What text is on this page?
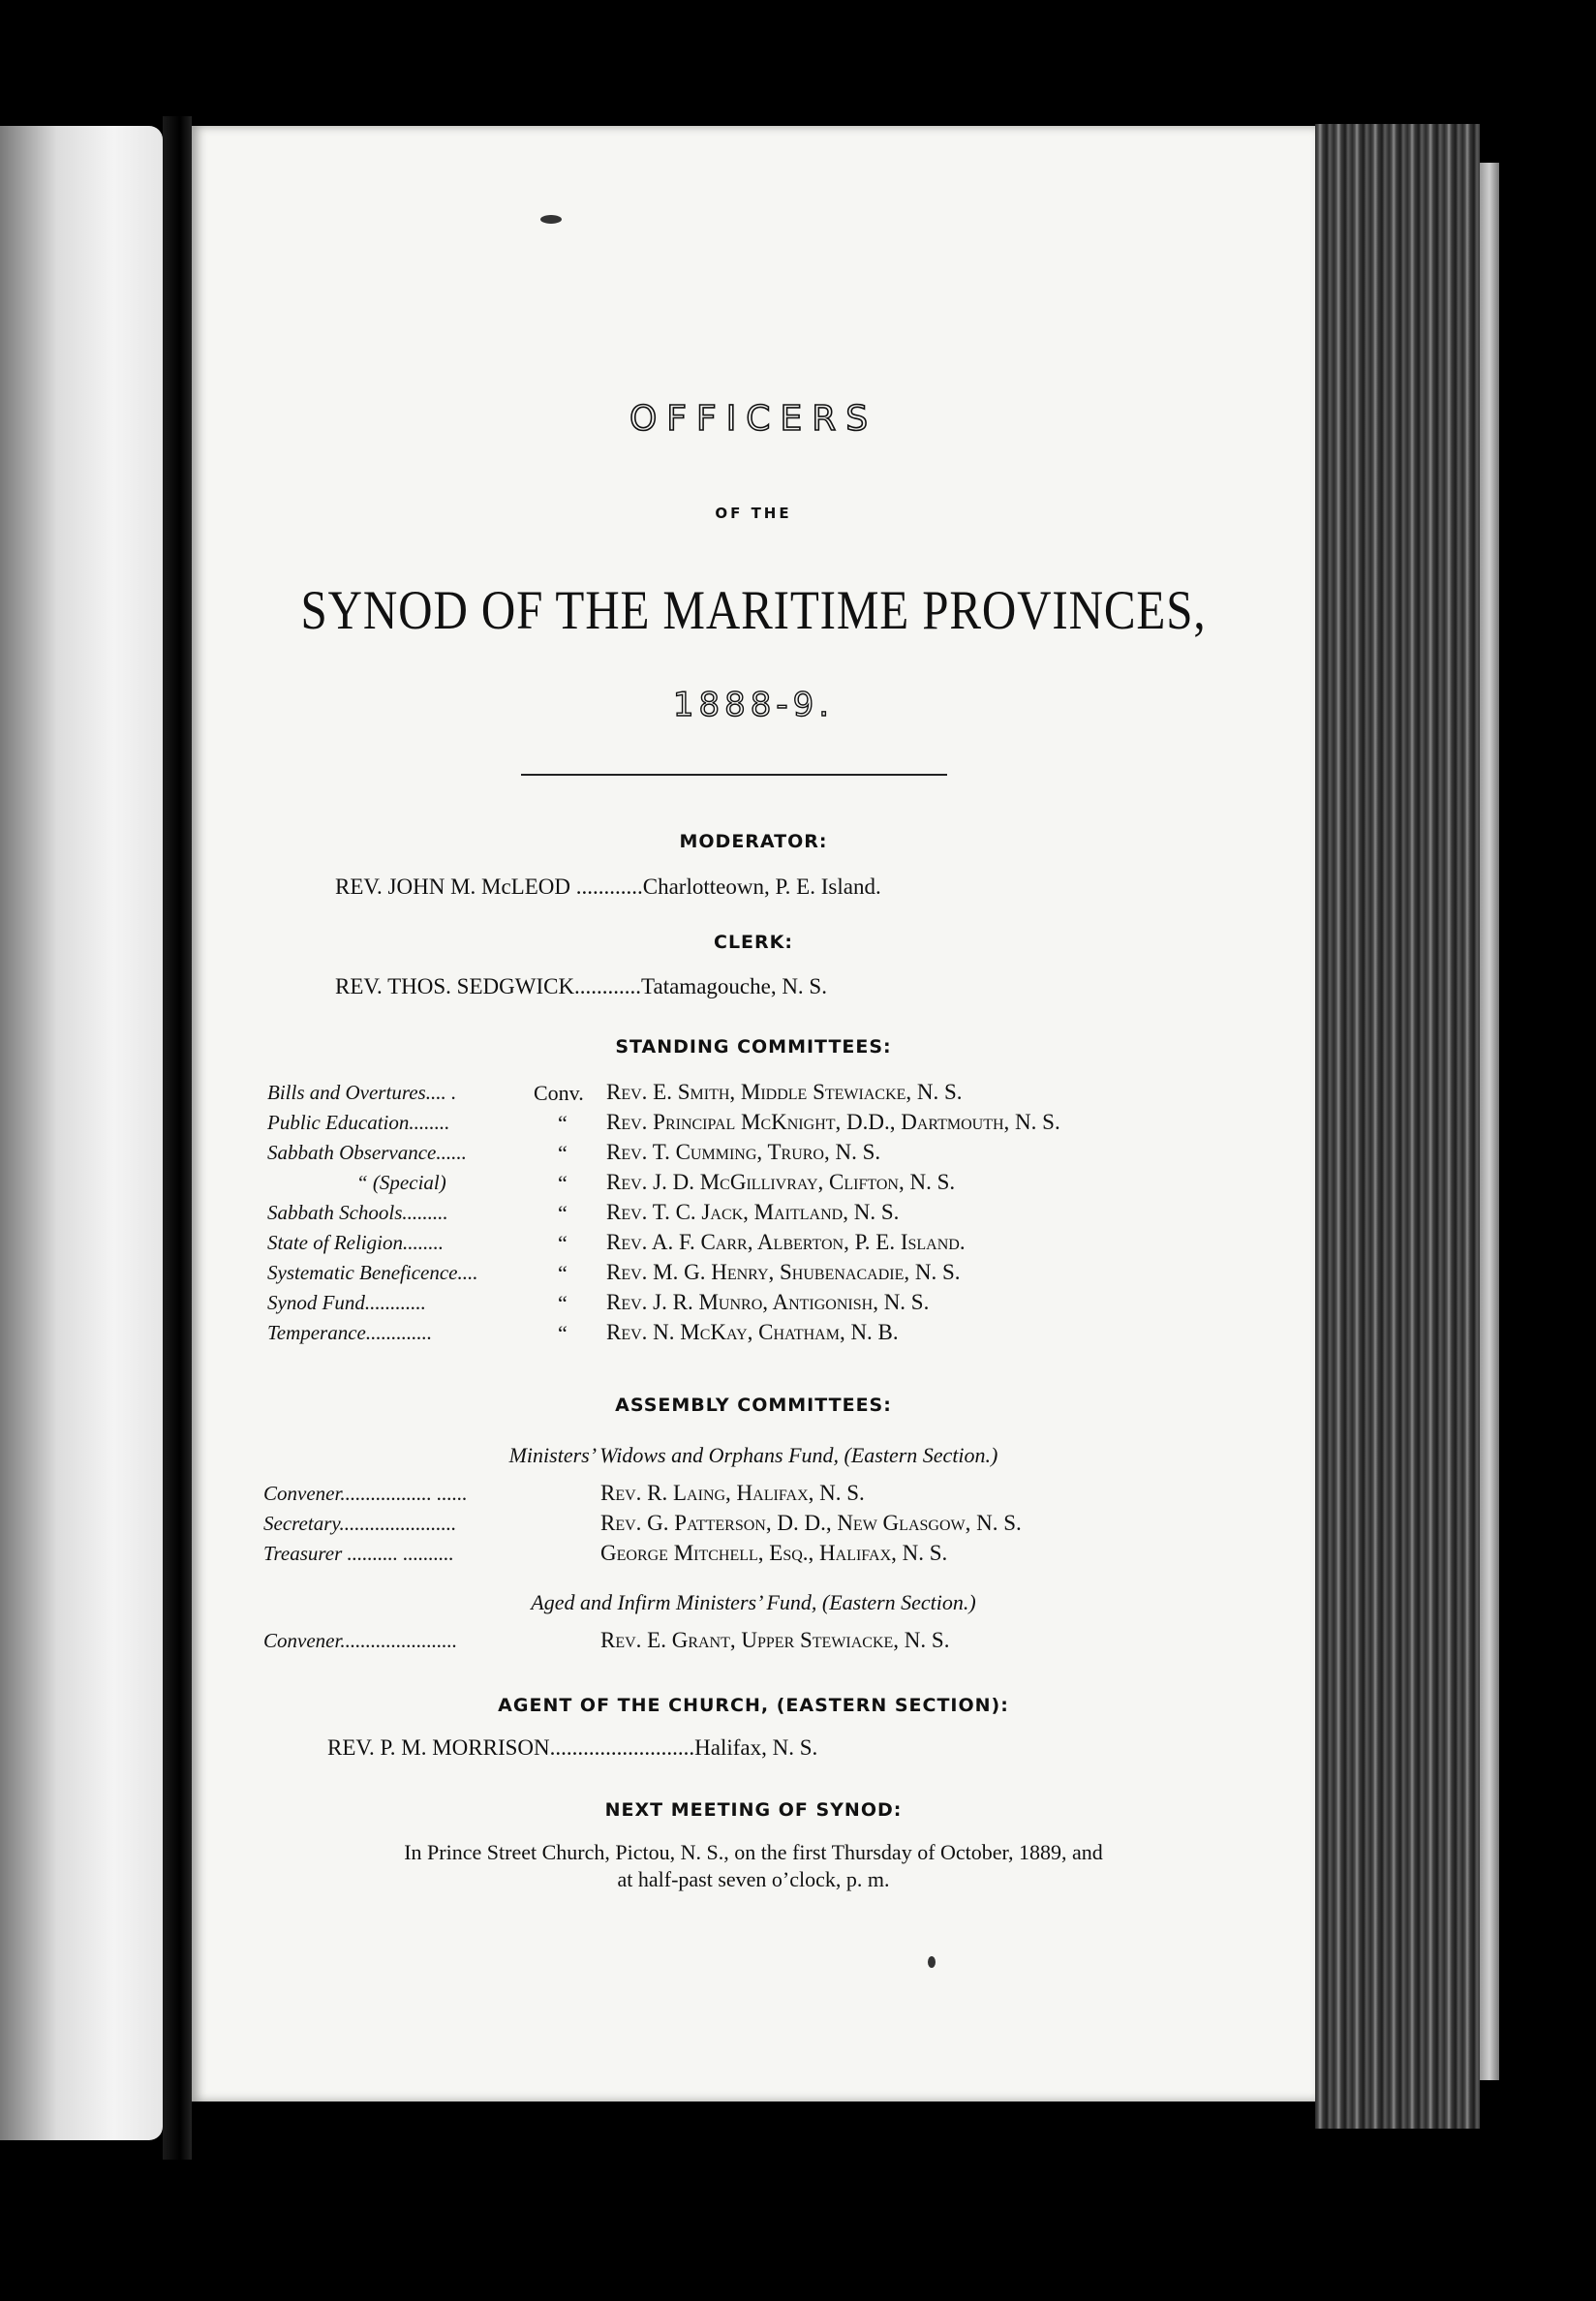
OFFICERS
OF THE
SYNOD OF THE MARITIME PROVINCES,
1888-9.
MODERATOR:
REV. JOHN M. McLEOD ............Charlotteown, P. E. Island.
CLERK:
REV. THOS. SEDGWICK............Tatamagouche, N. S.
STANDING COMMITTEES:
Bills and Overtures.... .	Conv. Rev. E. Smith, Middle Stewiacke, N. S.
Public Education........	“ Rev. Principal McKnight, D.D., Dartmouth, N. S.
Sabbath Observance......	“ Rev. T. Cumming, Truro, N. S.
“ (Special)	“ Rev. J. D. McGillivray, Clifton, N. S.
Sabbath Schools.........	“ Rev. T. C. Jack, Maitland, N. S.
State of Religion........	“ Rev. A. F. Carr, Alberton, P. E. Island.
Systematic Beneficence....	“ Rev. M. G. Henry, Shubenacadie, N. S.
Synod Fund............	“ Rev. J. R. Munro, Antigonish, N. S.
Temperance.............	“ Rev. N. McKay, Chatham, N. B.
ASSEMBLY COMMITTEES:
Ministers’ Widows and Orphans Fund, (Eastern Section.)
Convener.................. ......	Rev. R. Laing, Halifax, N. S.
Secretary.......................	Rev. G. Patterson, D. D., New Glasgow, N. S.
Treasurer .......... ..........	George Mitchell, Esq., Halifax, N. S.
Aged and Infirm Ministers’ Fund, (Eastern Section.)
Convener.......................	Rev. E. Grant, Upper Stewiacke, N. S.
AGENT OF THE CHURCH, (EASTERN SECTION):
REV. P. M. MORRISON..........................Halifax, N. S.
NEXT MEETING OF SYNOD:
In Prince Street Church, Pictou, N. S., on the first Thursday of October, 1889, and
at half-past seven o’clock, p. m.
